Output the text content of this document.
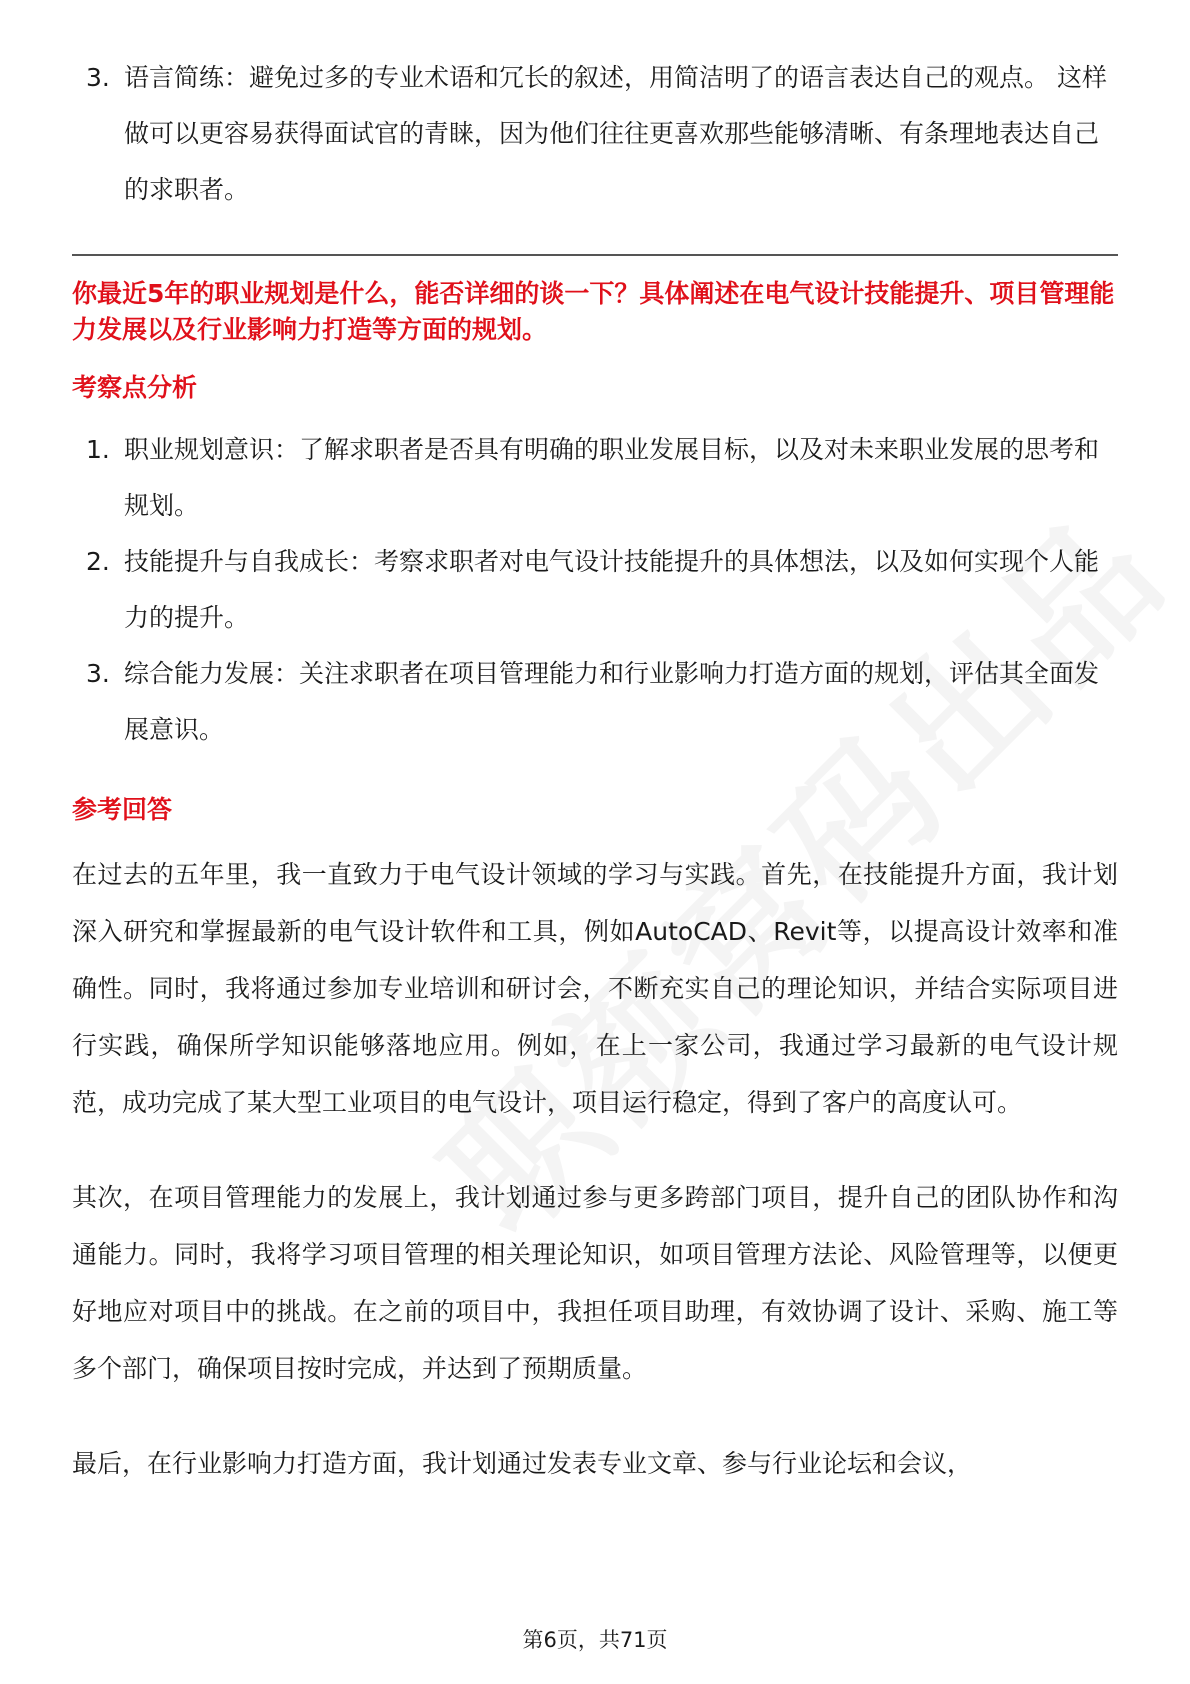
3. 语言简练：避免过多的专业术语和冗长的叙述，用简洁明了的语言表达自己的观点。 这样做可以更容易获得面试官的青睐，因为他们往往更喜欢那些能够清晰、有条理地表达自己的求职者。
你最近5年的职业规划是什么，能否详细的谈一下？具体阐述在电气设计技能提升、项目管理能力发展以及行业影响力打造等方面的规划。
考察点分析
1. 职业规划意识：了解求职者是否具有明确的职业发展目标，以及对未来职业发展的思考和规划。
2. 技能提升与自我成长：考察求职者对电气设计技能提升的具体想法，以及如何实现个人能力的提升。
3. 综合能力发展：关注求职者在项目管理能力和行业影响力打造方面的规划，评估其全面发展意识。
参考回答

在过去的五年里，我一直致力于电气设计领域的学习与实践。首先，在技能提升方面，我计划深入研究和掌握最新的电气设计软件和工具，例如AutoCAD、Revit等，以提高设计效率和准确性。同时，我将通过参加专业培训和研讨会，不断充实自己的理论知识，并结合实际项目进行实践，确保所学知识能够落地应用。例如，在上一家公司，我通过学习最新的电气设计规范，成功完成了某大型工业项目的电气设计，项目运行稳定，得到了客户的高度认可。

其次，在项目管理能力的发展上，我计划通过参与更多跨部门项目，提升自己的团队协作和沟通能力。同时，我将学习项目管理的相关理论知识，如项目管理方法论、风险管理等，以便更好地应对项目中的挑战。在之前的项目中，我担任项目助理，有效协调了设计、采购、施工等多个部门，确保项目按时完成，并达到了预期质量。

最后，在行业影响力打造方面，我计划通过发表专业文章、参与行业论坛和会议，

第6页，共71页
